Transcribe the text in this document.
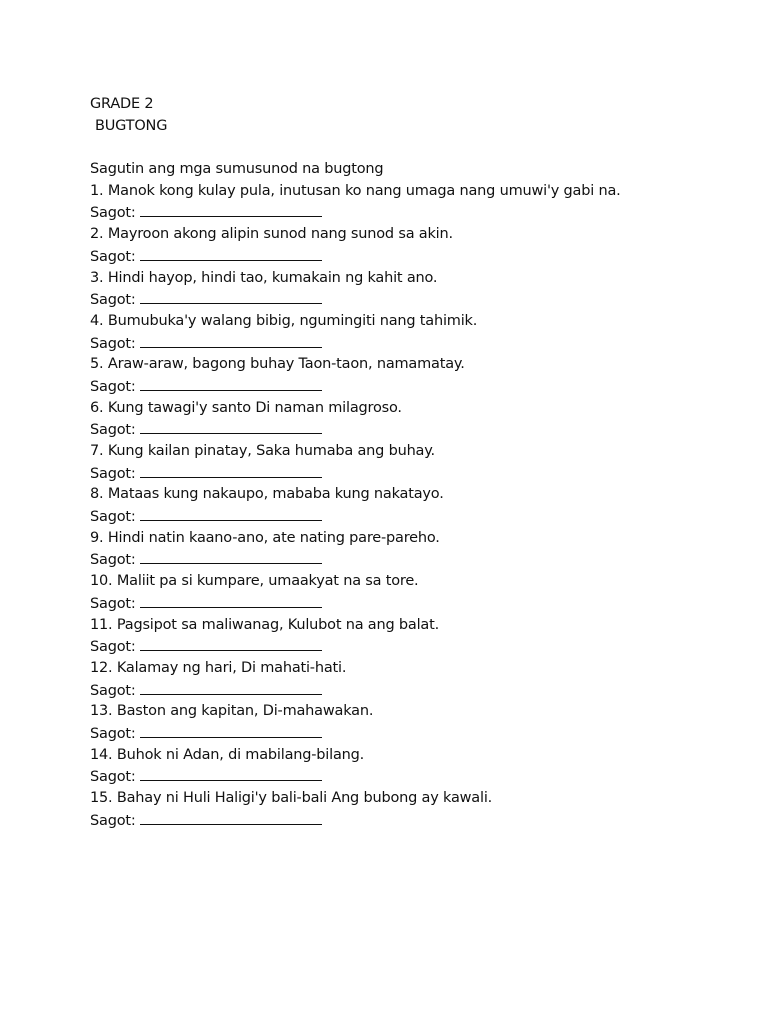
GRADE 2
BUGTONG
Sagutin ang mga sumusunod na bugtong
1. Manok kong kulay pula, inutusan ko nang umaga nang umuwi'y gabi na.
Sagot:
2. Mayroon akong alipin sunod nang sunod sa akin.
Sagot:
3. Hindi hayop, hindi tao, kumakain ng kahit ano.
Sagot:
4. Bumubuka'y walang bibig, ngumingiti nang tahimik.
Sagot:
5. Araw-araw, bagong buhay Taon-taon, namamatay.
Sagot:
6. Kung tawagi'y santo Di naman milagroso.
Sagot:
7. Kung kailan pinatay, Saka humaba ang buhay.
Sagot:
8. Mataas kung nakaupo, mababa kung nakatayo.
Sagot:
9. Hindi natin kaano-ano, ate nating pare-pareho.
Sagot:
10. Maliit pa si kumpare, umaakyat na sa tore.
Sagot:
11. Pagsipot sa maliwanag, Kulubot na ang balat.
Sagot:
12. Kalamay ng hari, Di mahati-hati.
Sagot:
13. Baston ang kapitan, Di-mahawakan.
Sagot:
14. Buhok ni Adan, di mabilang-bilang.
Sagot:
15. Bahay ni Huli Haligi'y bali-bali Ang bubong ay kawali.
Sagot:
